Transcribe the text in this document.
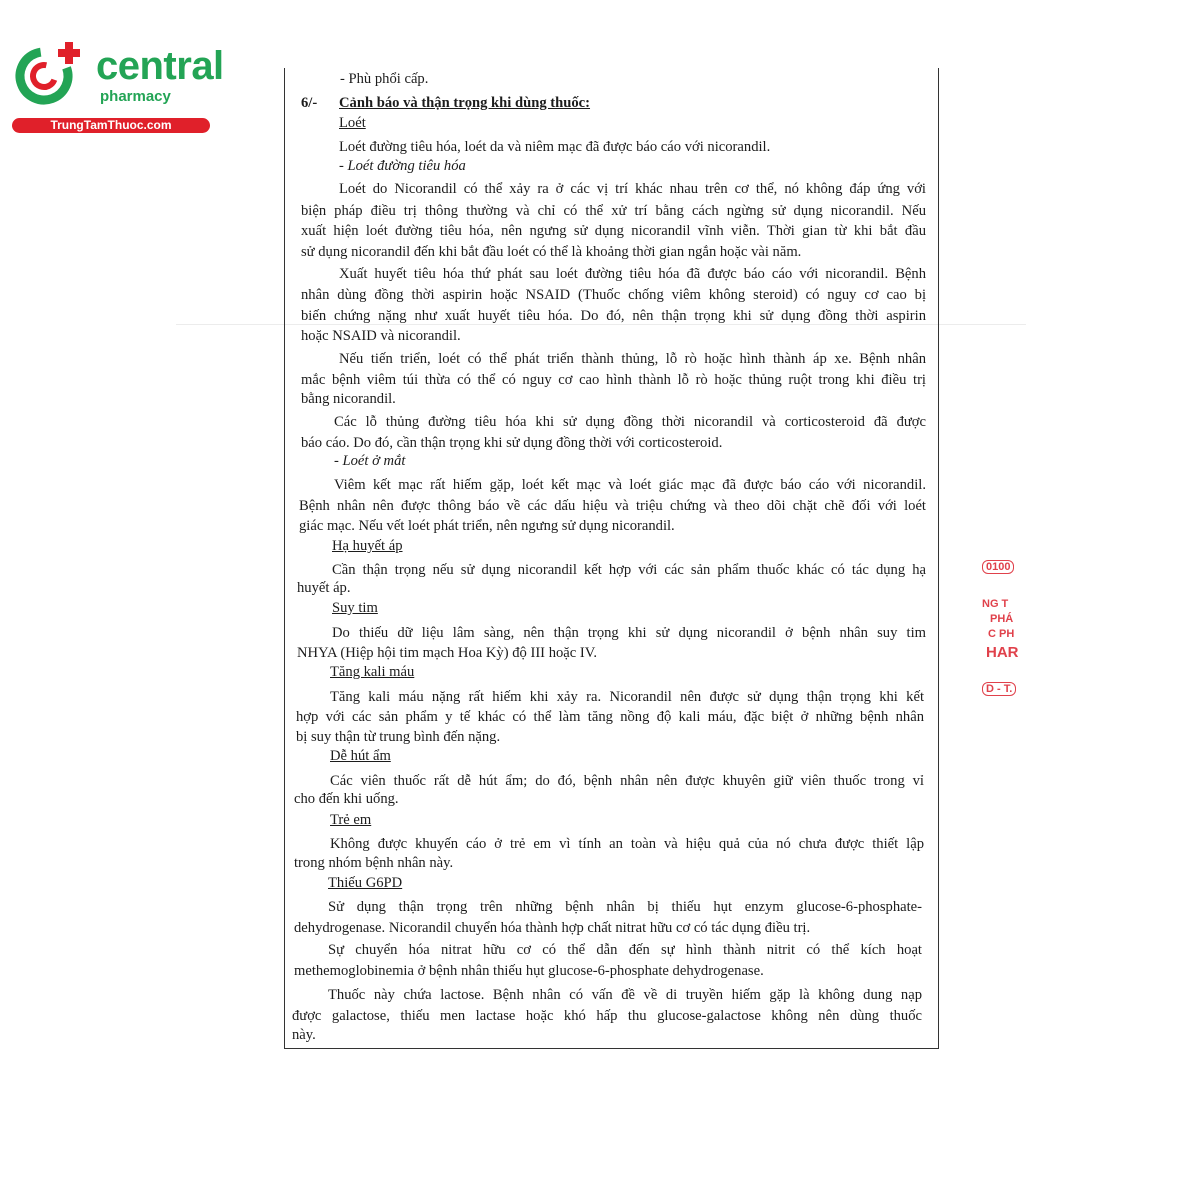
central
pharmacy
TrungTamThuoc.com
- Phù phổi cấp.
6/- Cảnh báo và thận trọng khi dùng thuốc:
Loét
Loét đường tiêu hóa, loét da và niêm mạc đã được báo cáo với nicorandil.
- Loét đường tiêu hóa
Loét do Nicorandil có thể xảy ra ở các vị trí khác nhau trên cơ thể, nó không đáp ứng với
biện pháp điều trị thông thường và chỉ có thể xử trí bằng cách ngừng sử dụng nicorandil. Nếu
xuất hiện loét đường tiêu hóa, nên ngưng sử dụng nicorandil vĩnh viễn. Thời gian từ khi bắt đầu
sử dụng nicorandil đến khi bắt đầu loét có thể là khoảng thời gian ngắn hoặc vài năm.
Xuất huyết tiêu hóa thứ phát sau loét đường tiêu hóa đã được báo cáo với nicorandil. Bệnh
nhân dùng đồng thời aspirin hoặc NSAID (Thuốc chống viêm không steroid) có nguy cơ cao bị
biến chứng nặng như xuất huyết tiêu hóa. Do đó, nên thận trọng khi sử dụng đồng thời aspirin
hoặc NSAID và nicorandil.
Nếu tiến triển, loét có thể phát triển thành thủng, lỗ rò hoặc hình thành áp xe. Bệnh nhân
mắc bệnh viêm túi thừa có thể có nguy cơ cao hình thành lỗ rò hoặc thủng ruột trong khi điều trị
bằng nicorandil.
Các lỗ thủng đường tiêu hóa khi sử dụng đồng thời nicorandil và corticosteroid đã được
báo cáo. Do đó, cần thận trọng khi sử dụng đồng thời với corticosteroid.
- Loét ở mắt
Viêm kết mạc rất hiếm gặp, loét kết mạc và loét giác mạc đã được báo cáo với nicorandil.
Bệnh nhân nên được thông báo về các dấu hiệu và triệu chứng và theo dõi chặt chẽ đối với loét
giác mạc. Nếu vết loét phát triển, nên ngưng sử dụng nicorandil.
Hạ huyết áp
Cần thận trọng nếu sử dụng nicorandil kết hợp với các sản phẩm thuốc khác có tác dụng hạ
huyết áp.
Suy tim
Do thiếu dữ liệu lâm sàng, nên thận trọng khi sử dụng nicorandil ở bệnh nhân suy tim
NHYA (Hiệp hội tim mạch Hoa Kỳ) độ III hoặc IV.
Tăng kali máu
Tăng kali máu nặng rất hiếm khi xảy ra. Nicorandil nên được sử dụng thận trọng khi kết
hợp với các sản phẩm y tế khác có thể làm tăng nồng độ kali máu, đặc biệt ở những bệnh nhân
bị suy thận từ trung bình đến nặng.
Dễ hút ẩm
Các viên thuốc rất dễ hút ẩm; do đó, bệnh nhân nên được khuyên giữ viên thuốc trong vỉ
cho đến khi uống.
Trẻ em
Không được khuyến cáo ở trẻ em vì tính an toàn và hiệu quả của nó chưa được thiết lập
trong nhóm bệnh nhân này.
Thiếu G6PD
Sử dụng thận trọng trên những bệnh nhân bị thiếu hụt enzym glucose-6-phosphate-
dehydrogenase. Nicorandil chuyển hóa thành hợp chất nitrat hữu cơ có tác dụng điều trị.
Sự chuyển hóa nitrat hữu cơ có thể dẫn đến sự hình thành nitrit có thể kích hoạt
methemoglobinemia ở bệnh nhân thiếu hụt glucose-6-phosphate dehydrogenase.
Thuốc này chứa lactose. Bệnh nhân có vấn đề về di truyền hiếm gặp là không dung nạp
được galactose, thiếu men lactase hoặc khó hấp thu glucose-galactose không nên dùng thuốc
này.
0100
NG T
PHÁ
C PH
HAR
D - T.
